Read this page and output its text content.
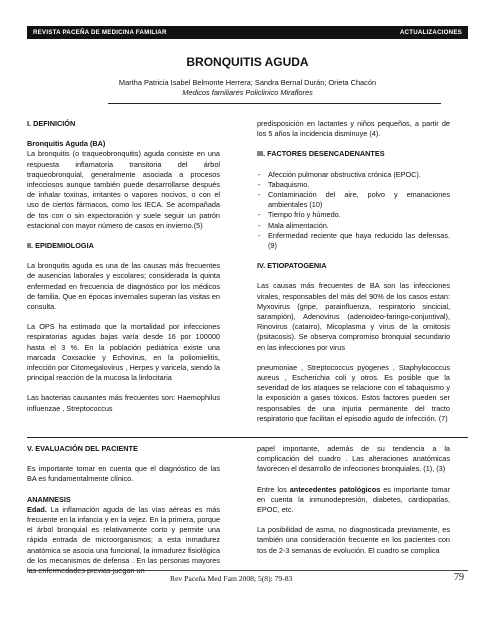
REVISTA PACEÑA DE MEDICINA FAMILIAR	ACTUALIZACIONES
BRONQUITIS AGUDA
Martha Patricia Isabel Belmonte Herrera; Sandra Bernal Durán; Orieta Chacón
Medicos familiares Policlinico Miraflores
I. DEFINICIÓN
Bronquitis Aguda (BA)

La bronquitis (o traqueobronquitis) aguda consiste en una respuesta inflamatoria transitoria del árbol traqueobronquial, generalmente asociada a procesos infecciosos aunque también puede desarrollarse después de inhalar toxinas, irritantes o vapores nocivos, o con el uso de ciertos fármacos, como los IECA. Se acompañada de tos con o sin expectoración y suele seguir un patrón estacional con mayor número de casos en invierno.(5)

II. EPIDEMIOLOGIA

La bronquitis aguda es una de las causas más frecuentes de ausencias laborales y escolares; considerada la quinta enfermedad en frecuencia de diagnóstico por los médicos de familia. Que en épocas invernales superan las visitas en consulta.

La OPS ha estimado que la mortalidad por infecciones respiratorias agudas bajas varía desde 16 por 100000 hasta el 3 %. En la población pediátrica existe una marcada Coxsackie y Echovirus, en la poliomielitis, infección por Citomegalovirus , Herpes y varicela, siendo la principal reacción de la mucosa la linfocitaria

Las bacterias causantes más frecuentes son: Haemophilus influenzae , Streptococcus

predisposición en lactantes y niños pequeños, a partir de los 5 años la incidencia disminuye (4).

III. FACTORES DESENCADENANTES
- Afección pulmonar obstructiva crónica (EPOC).
- Tabaquismo.
- Contaminación del aire, polvo y emanaciones ambientales (10)
- Tiempo frío y húmedo.
- Mala alimentación.
- Enfermedad reciente que haya reducido las defensas. (9)
IV. ETIOPATOGENIA

Las causas más frecuentes de BA son las infecciones virales, responsables del más del 90% de los casos estan: Myxovirus (gripe, parainfluenza, respiratorio sincicial, sarampión), Adenovirus (adenoideo-faringo-conjuntival), Rinovirus (catarro), Micoplasma y virus de la ornitosis (psitacosis). Se observa compromiso bronquial secundario en las infecciones por virus

pneumoniae , Streptococcus pyogenes , Staphylococcus aureus , Escherichia coli y otros. Es posible que la severidad de los ataques se relacione con el tabaquismo y la exposición a gases tóxicos. Estos factores pueden ser responsables de una injuria permanente del tracto respiratorio que facilitan el episodio agudo de infección. (7)

V. EVALUACIÓN DEL PACIENTE

Es importante tomar en cuenta que el diagnóstico de las BA es fundamentalmente clínico.

ANAMNESIS

Edad. La inflamación aguda de las vías aéreas es más frecuente en la infancia y en la vejez. En la primera, porque el árbol bronquial es relativamente corto y permite una rápida entrada de microorganismos; a esta inmadurez anatómica se asocia una funcional, la inmadurez fisiológica de los mecanismos de defensa . En las personas mayores las enfermedades previas juegan un

papel importante, además de su tendencia a la complicación del cuadro . Las alteraciones anatómicas favorecen el desarrollo de infecciones bronquiales. (1), (3)

Entre los antecedentes patológicos es importante tomar en cuenta la inmunodepresión, diabetes, cardiopatías, EPOC, etc.

La posibilidad de asma, no diagnosticada previamente, es también una consideración frecuente en los pacientes con tos de 2-3 semanas de evolución. El cuadro se complica

Rev Paceña Med Fam 2008; 5(8): 79-83	79
